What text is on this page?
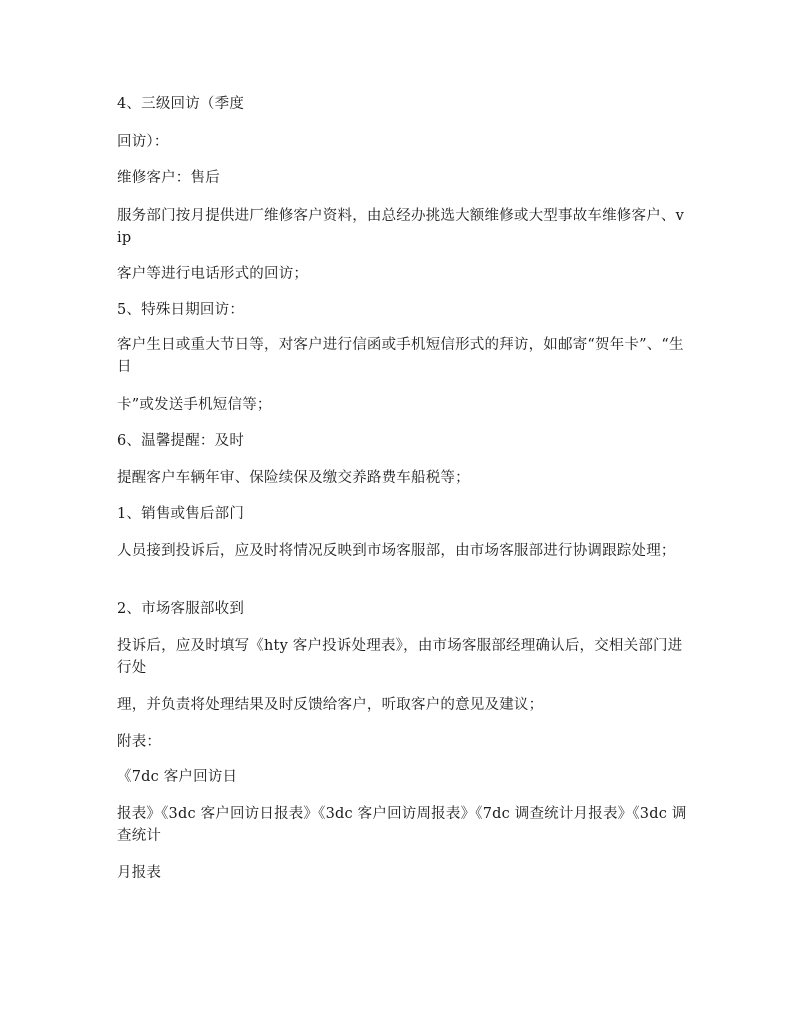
4、三级回访（季度
回访）：
维修客户：售后
服务部门按月提供进厂维修客户资料，由总经办挑选大额维修或大型事故车维修客户、vip
客户等进行电话形式的回访；
5、特殊日期回访：
客户生日或重大节日等，对客户进行信函或手机短信形式的拜访，如邮寄“贺年卡”、“生日
卡”或发送手机短信等；
6、温馨提醒：及时
提醒客户车辆年审、保险续保及缴交养路费车船税等；
1、销售或售后部门
人员接到投诉后，应及时将情况反映到市场客服部，由市场客服部进行协调跟踪处理；
2、市场客服部收到
投诉后，应及时填写《hty 客户投诉处理表》，由市场客服部经理确认后，交相关部门进行处
理，并负责将处理结果及时反馈给客户，听取客户的意见及建议；
附表：
《7dc 客户回访日
报表》《3dc 客户回访日报表》《3dc 客户回访周报表》《7dc 调查统计月报表》《3dc 调查统计
月报表
